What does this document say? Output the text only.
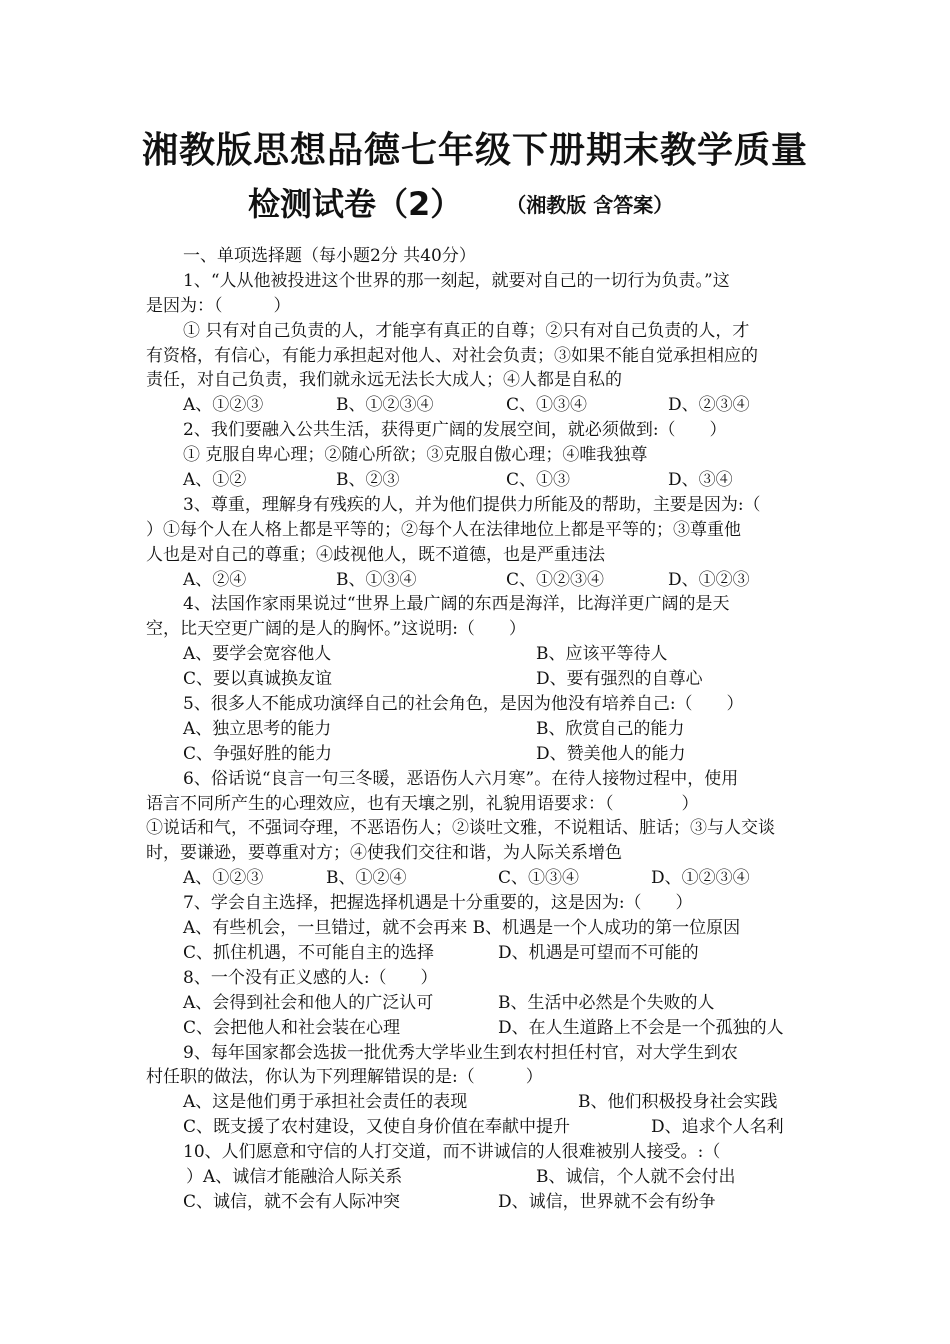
湘教版思想品德七年级下册期末教学质量
检测试卷（2）	（湘教版 含答案）
一、单项选择题（每小题2分 共40分）
1、“人从他被投进这个世界的那一刻起，就要对自己的一切行为负责。”这
是因为：（　　　）
① 只有对自己负责的人，才能享有真正的自尊；②只有对自己负责的人，才
有资格，有信心，有能力承担起对他人、对社会负责；③如果不能自觉承担相应的
责任，对自己负责，我们就永远无法长大成人；④人都是自私的
A、①②③	B、①②③④	C、①③④	D、②③④
2、我们要融入公共生活，获得更广阔的发展空间，就必须做到:（　　）
① 克服自卑心理；②随心所欲；③克服自傲心理；④唯我独尊
A、①②	B、②③	C、①③	D、③④
3、尊重，理解身有残疾的人，并为他们提供力所能及的帮助，主要是因为:（
）①每个人在人格上都是平等的；②每个人在法律地位上都是平等的；③尊重他
人也是对自己的尊重；④歧视他人，既不道德，也是严重违法
A、②④	B、①③④	C、①②③④	D、①②③
4、法国作家雨果说过“世界上最广阔的东西是海洋，比海洋更广阔的是天
空，比天空更广阔的是人的胸怀。”这说明:（　　）
A、要学会宽容他人	B、应该平等待人
C、要以真诚换友谊	D、要有强烈的自尊心
5、很多人不能成功演绎自己的社会角色，是因为他没有培养自己:（　　）
A、独立思考的能力	B、欣赏自己的能力
C、争强好胜的能力	D、赞美他人的能力
6、俗话说“良言一句三冬暖，恶语伤人六月寒”。在待人接物过程中，使用
语言不同所产生的心理效应，也有天壤之别，礼貌用语要求：（　　　　）
①说话和气，不强词夺理，不恶语伤人；②谈吐文雅，不说粗话、脏话；③与人交谈
时，要谦逊，要尊重对方；④使我们交往和谐，为人际关系增色
A、①②③	B、①②④	C、①③④	D、①②③④
7、学会自主选择，把握选择机遇是十分重要的，这是因为:（　　）
A、有些机会，一旦错过，就不会再来 B、机遇是一个人成功的第一位原因
C、抓住机遇，不可能自主的选择	D、机遇是可望而不可能的
8、一个没有正义感的人:（　　）
A、会得到社会和他人的广泛认可	B、生活中必然是个失败的人
C、会把他人和社会装在心理	D、在人生道路上不会是一个孤独的人
9、每年国家都会选拔一批优秀大学毕业生到农村担任村官，对大学生到农
村任职的做法，你认为下列理解错误的是:（　　　）
A、这是他们勇于承担社会责任的表现	B、他们积极投身社会实践
C、既支援了农村建设，又使自身价值在奉献中提升	D、追求个人名利
10、人们愿意和守信的人打交道，而不讲诚信的人很难被别人接受。:（
）A、诚信才能融洽人际关系	B、诚信，个人就不会付出
C、诚信，就不会有人际冲突	D、诚信，世界就不会有纷争
